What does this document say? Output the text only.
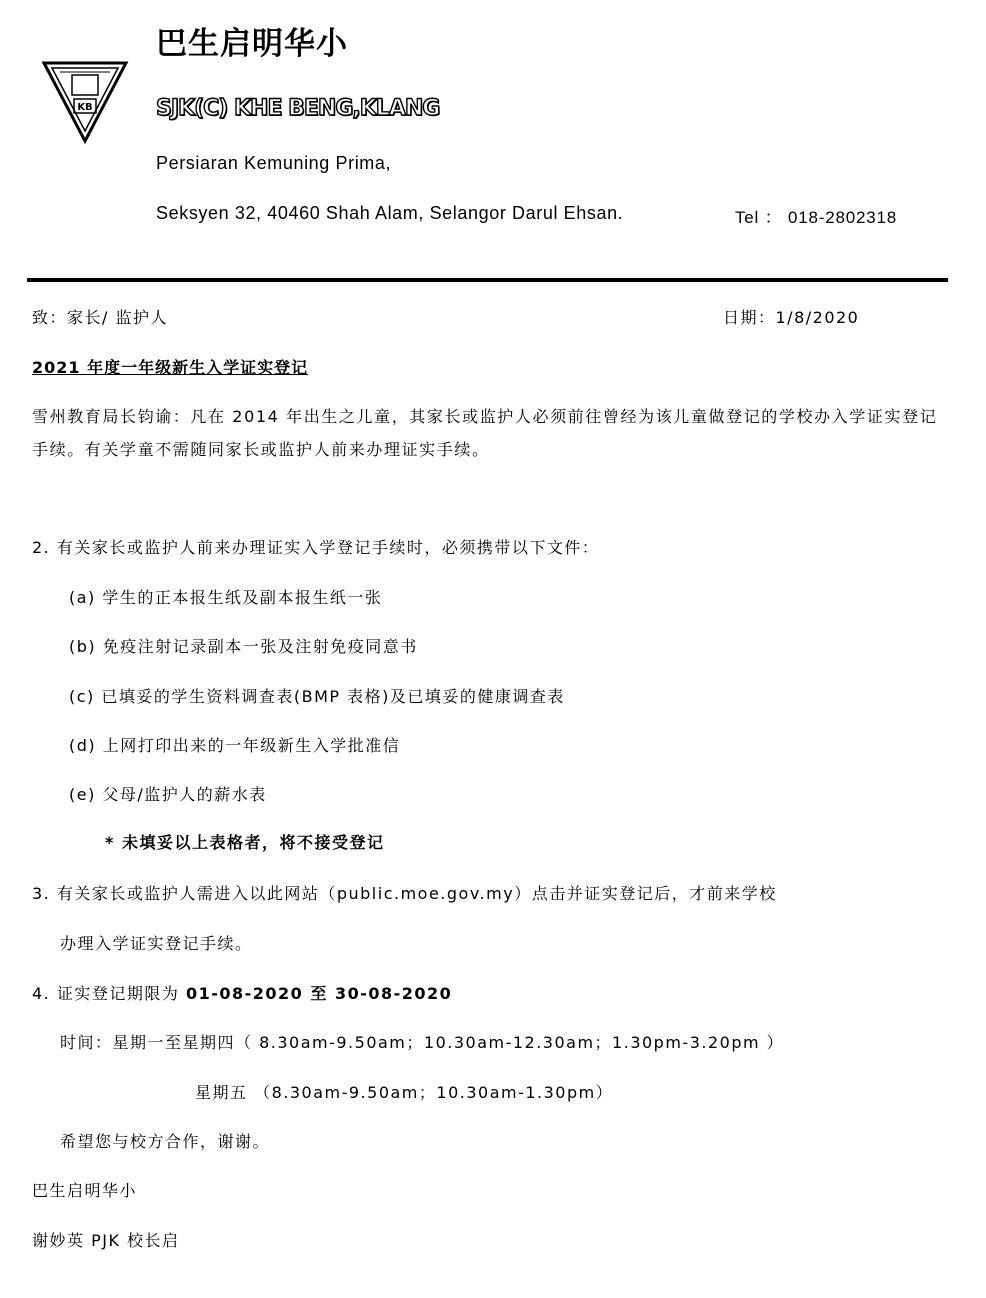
KB
巴生启明华小
SJK(C) KHE BENG,KLANG
Persiaran Kemuning Prima,
Seksyen 32, 40460 Shah Alam, Selangor Darul Ehsan.	Tel ： 018-2802318
致：家长/ 监护人	日期：1/8/2020
2021 年度一年级新生入学证实登记
雪州教育局长钧谕：凡在 2014 年出生之儿童，其家长或监护人必须前往曾经为该儿童做登记的学校办入学证实登记手续。有关学童不需随同家长或监护人前来办理证实手续。
2. 有关家长或监护人前来办理证实入学登记手续时，必须携带以下文件：
(a) 学生的正本报生纸及副本报生纸一张
(b) 免疫注射记录副本一张及注射免疫同意书
(c) 已填妥的学生资料调查表(BMP 表格)及已填妥的健康调查表
(d) 上网打印出来的一年级新生入学批准信
(e) 父母/监护人的薪水表
* 未填妥以上表格者，将不接受登记
3. 有关家长或监护人需进入以此网站（public.moe.gov.my）点击并证实登记后，才前来学校
办理入学证实登记手续。
4. 证实登记期限为 01-08-2020 至 30-08-2020
时间：星期一至星期四（ 8.30am-9.50am；10.30am-12.30am；1.30pm-3.20pm ）
星期五 （8.30am-9.50am；10.30am-1.30pm）
希望您与校方合作，谢谢。
巴生启明华小
谢妙英 PJK 校长启
